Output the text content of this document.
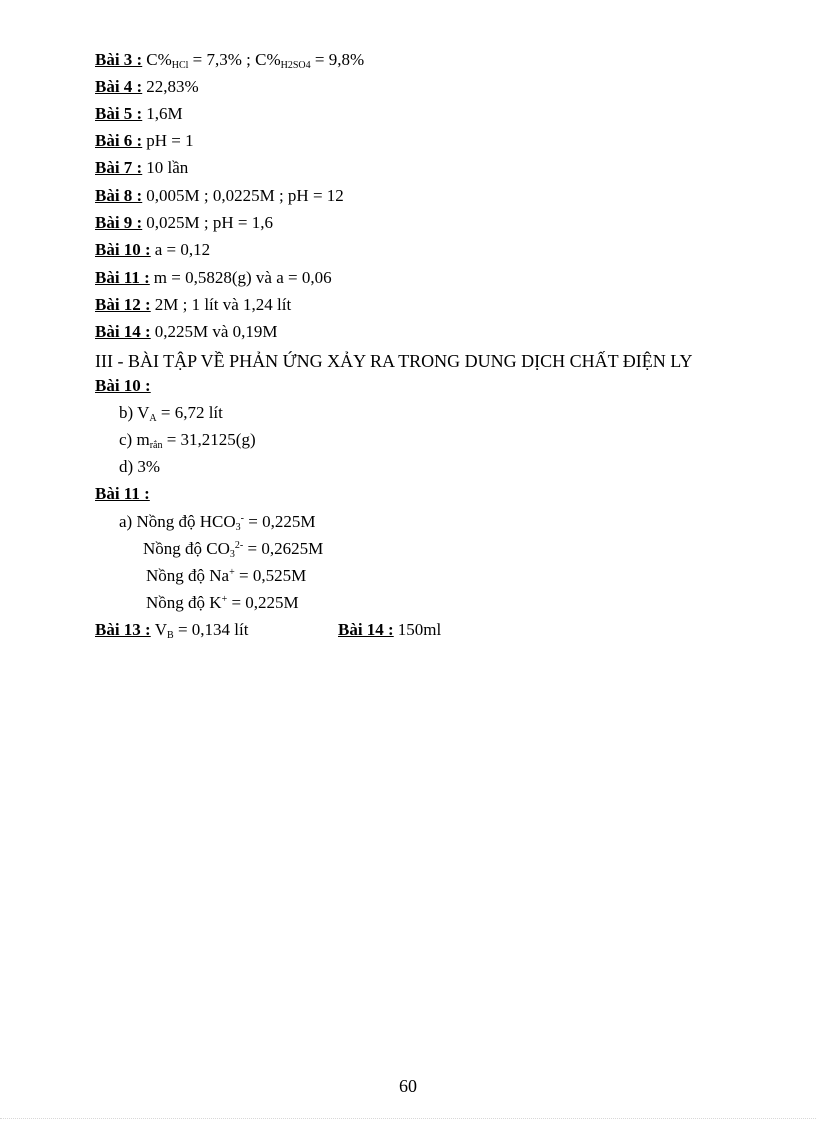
Bài 3 : $C\%_{HCl} = 7,3\%$ ; $C\%_{H2SO4} = 9,8\%$
Bài 4 : 22,83%
Bài 5 : 1,6M
Bài 6 : pH = 1
Bài 7 : 10 lần
Bài 8 : 0,005M ; 0,0225M ; pH = 12
Bài 9 : 0,025M ; pH = 1,6
Bài 10 : a = 0,12
Bài 11 : m = 0,5828(g) và a = 0,06
Bài 12 : 2M ; 1 lít và 1,24 lít
Bài 14 : 0,225M và 0,19M
III - BÀI TẬP VỀ PHẢN ỨNG XẢY RA TRONG DUNG DỊCH CHẤT ĐIỆN LY
Bài 10 :
b) $V_A = 6,72$ lít
c) $m_{rắn} = 31,2125(g)$
d) 3%
Bài 11 :
a) Nồng độ $HCO_3^- = 0,225M$
Nồng độ $CO_3^{2-} = 0,2625M$
Nồng độ Na+ = 0,525M
Nồng độ K+ = 0,225M
Bài 13 : $V_B = 0,134$ lít	Bài 14 : 150ml
60
